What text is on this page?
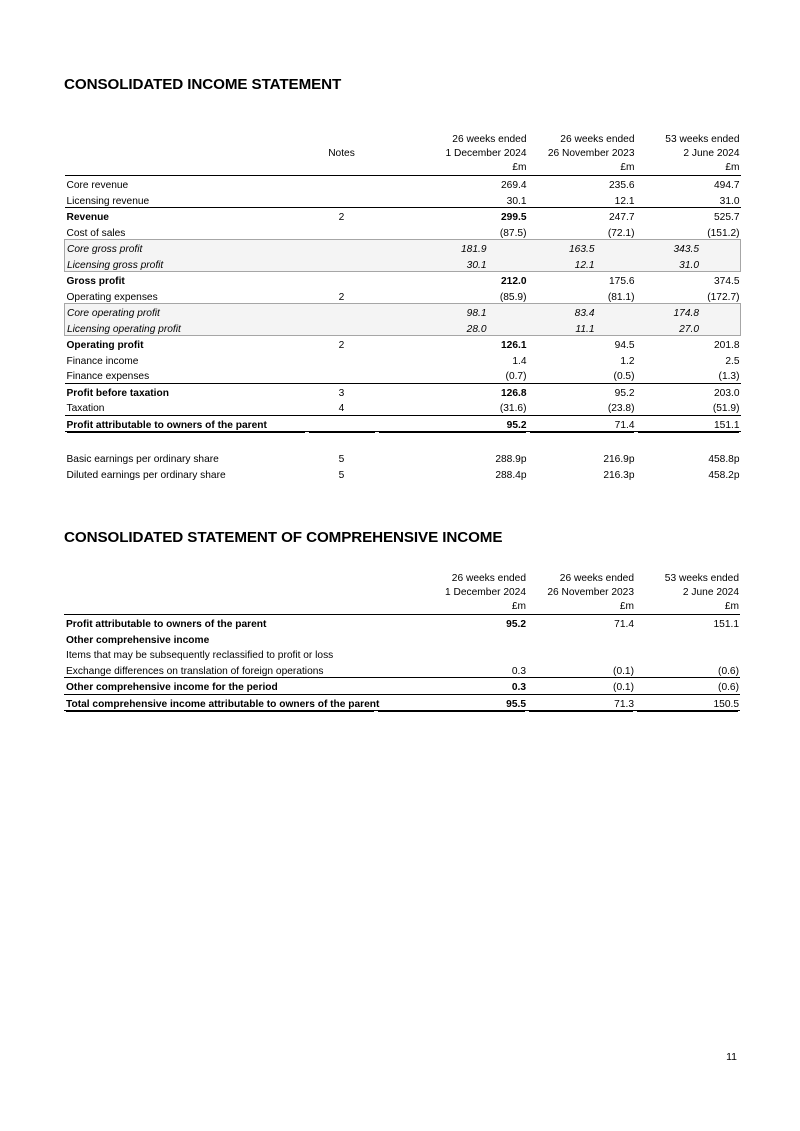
CONSOLIDATED INCOME STATEMENT
		26 weeks ended	26 weeks ended	53 weeks ended
	Notes	1 December 2024	26 November 2023	2 June 2024
		£m	£m	£m
Core revenue		269.4	235.6	494.7
Licensing revenue		30.1	12.1	31.0
Revenue	2	299.5	247.7	525.7
Cost of sales		(87.5)	(72.1)	(151.2)
Core gross profit		181.9	163.5	343.5
Licensing gross profit		30.1	12.1	31.0
Gross profit		212.0	175.6	374.5
Operating expenses	2	(85.9)	(81.1)	(172.7)
Core operating profit		98.1	83.4	174.8
Licensing operating profit		28.0	11.1	27.0
Operating profit	2	126.1	94.5	201.8
Finance income		1.4	1.2	2.5
Finance expenses		(0.7)	(0.5)	(1.3)
Profit before taxation	3	126.8	95.2	203.0
Taxation	4	(31.6)	(23.8)	(51.9)
Profit attributable to owners of the parent		95.2	71.4	151.1

Basic earnings per ordinary share	5	288.9p	216.9p	458.8p
Diluted earnings per ordinary share	5	288.4p	216.3p	458.2p
CONSOLIDATED STATEMENT OF COMPREHENSIVE INCOME
	26 weeks ended	26 weeks ended	53 weeks ended
	1 December 2024	26 November 2023	2 June 2024
	£m	£m	£m
Profit attributable to owners of the parent	95.2	71.4	151.1
Other comprehensive income			
Items that may be subsequently reclassified to profit or loss			
Exchange differences on translation of foreign operations	0.3	(0.1)	(0.6)
Other comprehensive income for the period	0.3	(0.1)	(0.6)
Total comprehensive income attributable to owners of the parent	95.5	71.3	150.5
11
